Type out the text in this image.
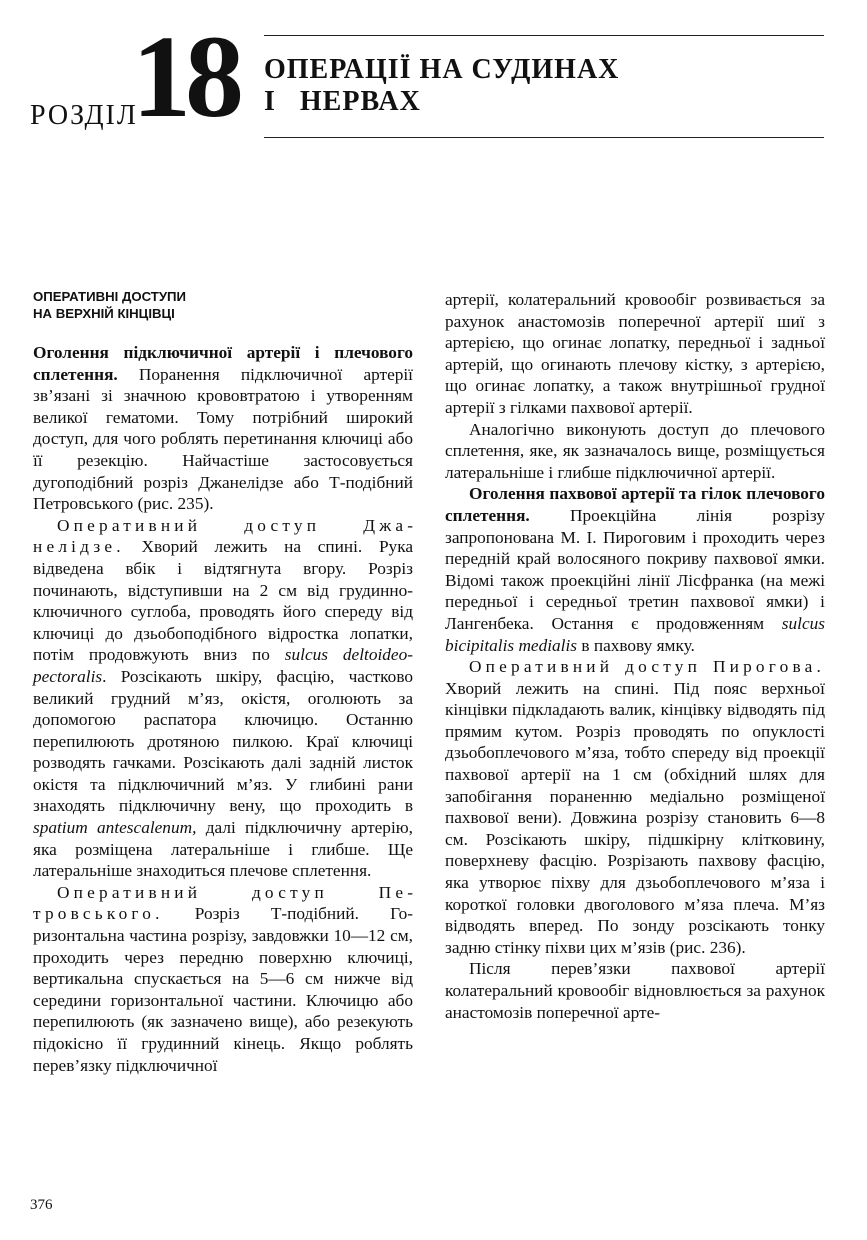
РОЗДІЛ
18 ОПЕРАЦІЇ НА СУДИНАХ
І   НЕРВАХ
ОПЕРАТИВНІ ДОСТУПИ
НА ВЕРХНІЙ КІНЦІВЦІ

Оголення підключичної артерії і плечового сплетення. Поранення підключичної артерії зв’язані зі значною крововтратою і утворенням великої гематоми. Тому потрібний широкий доступ, для чого роблять перетинання ключиці або її резекцію. Найчастіше застосовується дугоподібний розріз Джанелідзе або Т-подібний Петровського (рис. 235).

Оперативний доступ Джанелідзе. Хворий лежить на спині. Рука відведена вбік і відтягнута вгору. Розріз починають, відступивши на 2 см від грудинно-ключичного суглоба, проводять його спереду від ключиці до дзьобоподібного відростка лопатки, потім продовжують вниз по sulcus deltoideopectoralis. Розсікають шкіру, фасцію, частково великий грудний м’яз, окістя, оголюють за допомогою распатора ключицю. Останню перепилюють дротяною пилкою. Краї ключиці розводять гачками. Розсікають далі задній листок окістя та підключичний м’яз. У глибині рани знаходять підключичну вену, що проходить в spatium antescalenum, далі підключичну артерію, яка розміщена латеральніше і глибше. Ще латеральніше знаходиться плечове сплетення.

Оперативний доступ Петровського. Розріз Т-подібний. Горизонтальна частина розрізу, завдовжки 10—12 см, проходить через передню поверхню ключиці, вертикальна спускається на 5—6 см нижче від середини горизонтальної частини. Ключицю або перепилюють (як зазначено вище), або резекують підокісно її грудинний кінець. Якщо роблять перев’язку підключичної

артерії, колатеральний кровообіг розвивається за рахунок анастомозів поперечної артерії шиї з артерією, що огинає лопатку, передньої і задньої артерій, що огинають плечову кістку, з артерією, що огинає лопатку, а також внутрішньої грудної артерії з гілками пахвової артерії.

Аналогічно виконують доступ до плечового сплетення, яке, як зазначалось вище, розміщується латеральніше і глибше підключичної артерії.

Оголення пахвової артерії та гілок плечового сплетення. Проекційна лінія розрізу запропонована М. І. Пироговим і проходить через передній край волосяного покриву пахвової ямки. Відомі також проекційні лінії Лісфранка (на межі передньої і середньої третин пахвової ямки) і Лангенбека. Остання є продовженням sulcus bicipitalis medialis в пахвову ямку.

Оперативний доступ Пирогова. Хворий лежить на спині. Під пояс верхньої кінцівки підкладають валик, кінцівку відводять під прямим кутом. Розріз проводять по опуклості дзьобоплечового м’яза, тобто спереду від проекції пахвової артерії на 1 см (обхідний шлях для запобігання пораненню медіально розміщеної пахвової вени). Довжина розрізу становить 6—8 см. Розсікають шкіру, підшкірну клітковину, поверхневу фасцію. Розрізають пахвову фасцію, яка утворює піхву для дзьобоплечового м’яза і короткої головки двоголового м’яза плеча. М’яз відводять вперед. По зонду розсікають тонку задню стінку піхви цих м’язів (рис. 236).

Після перев’язки пахвової артерії колатеральний кровообіг відновлюється за рахунок анастомозів поперечної арте-

376
